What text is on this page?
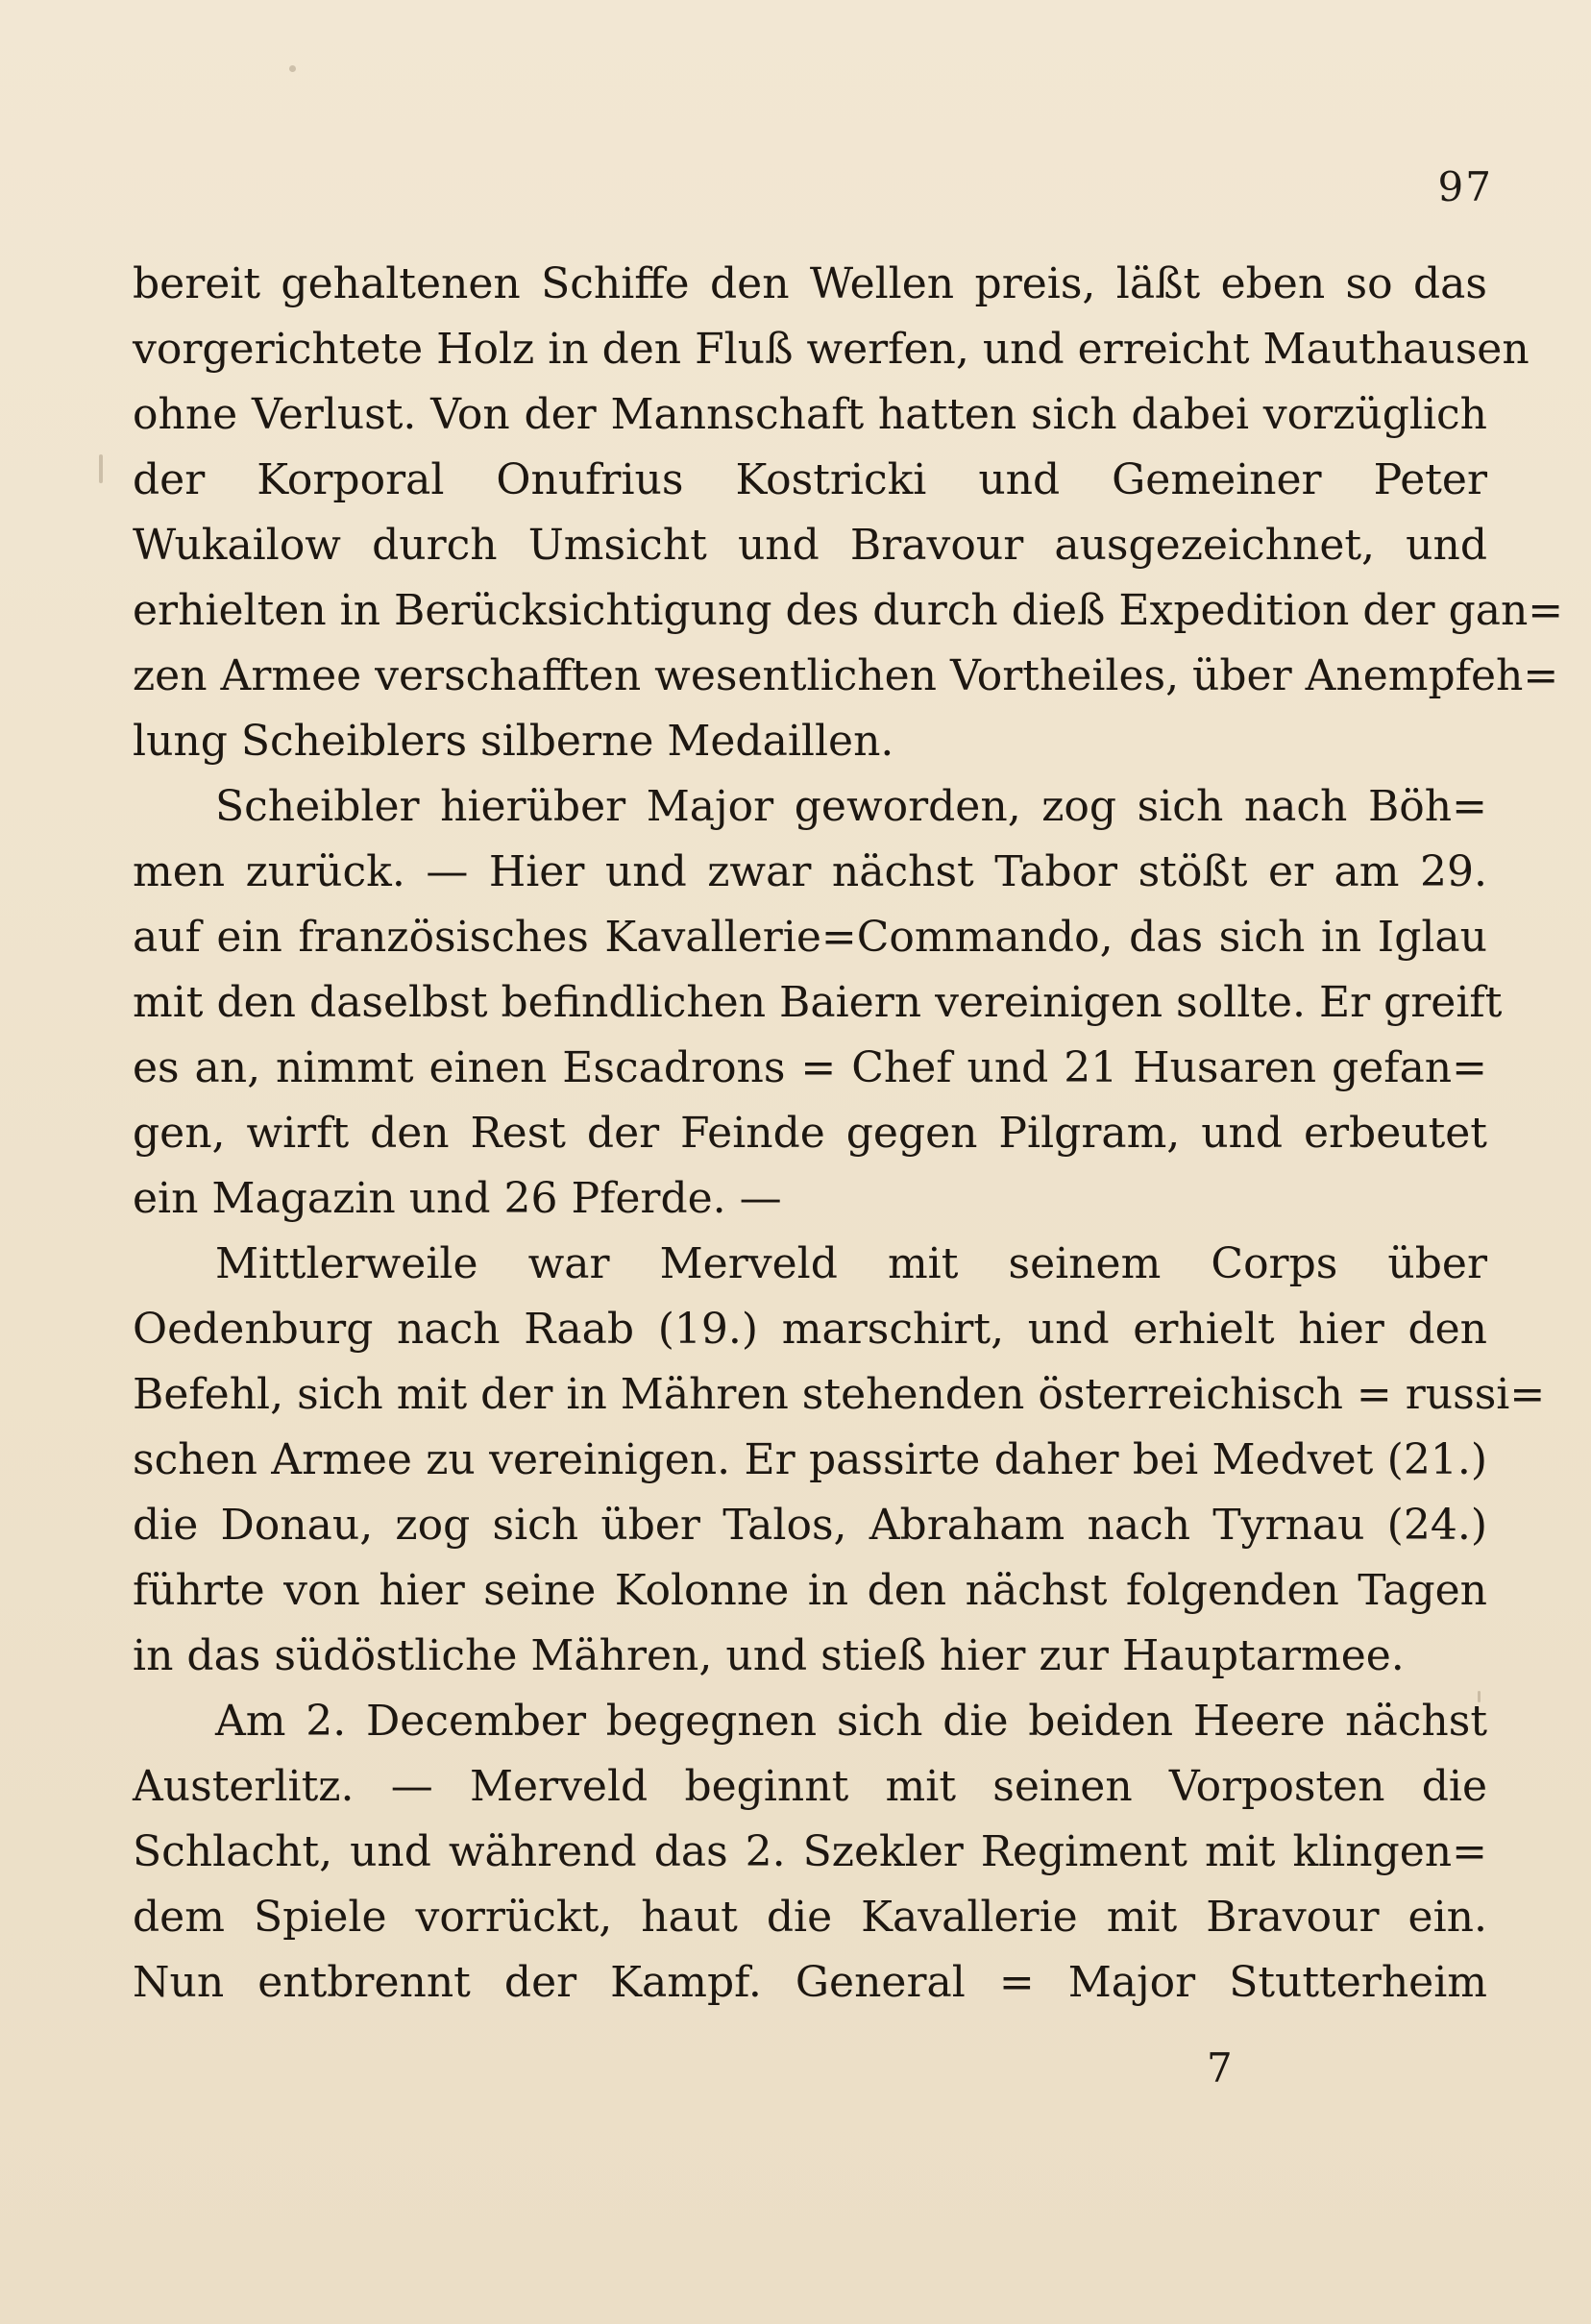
97
bereit gehaltenen Schiffe den Wellen preis, läßt eben so das
vorgerichtete Holz in den Fluß werfen, und erreicht Mauthausen
ohne Verlust. Von der Mannschaft hatten sich dabei vorzüglich
der Korporal Onufrius Kostricki und Gemeiner Peter
Wukailow durch Umsicht und Bravour ausgezeichnet, und
erhielten in Berücksichtigung des durch dieß Expedition der gan=
zen Armee verschafften wesentlichen Vortheiles, über Anempfeh=
lung Scheiblers silberne Medaillen.
Scheibler hierüber Major geworden, zog sich nach Böh=
men zurück. — Hier und zwar nächst Tabor stößt er am 29.
auf ein französisches Kavallerie=Commando, das sich in Iglau
mit den daselbst befindlichen Baiern vereinigen sollte. Er greift
es an, nimmt einen Escadrons = Chef und 21 Husaren gefan=
gen, wirft den Rest der Feinde gegen Pilgram, und erbeutet
ein Magazin und 26 Pferde. —
Mittlerweile war Merveld mit seinem Corps über
Oedenburg nach Raab (19.) marschirt, und erhielt hier den
Befehl, sich mit der in Mähren stehenden österreichisch = russi=
schen Armee zu vereinigen. Er passirte daher bei Medvet (21.)
die Donau, zog sich über Talos, Abraham nach Tyrnau (24.)
führte von hier seine Kolonne in den nächst folgenden Tagen
in das südöstliche Mähren, und stieß hier zur Hauptarmee.
Am 2. December begegnen sich die beiden Heere nächst
Austerlitz. — Merveld beginnt mit seinen Vorposten die
Schlacht, und während das 2. Szekler Regiment mit klingen=
dem Spiele vorrückt, haut die Kavallerie mit Bravour ein.
Nun entbrennt der Kampf. General = Major Stutterheim
7
